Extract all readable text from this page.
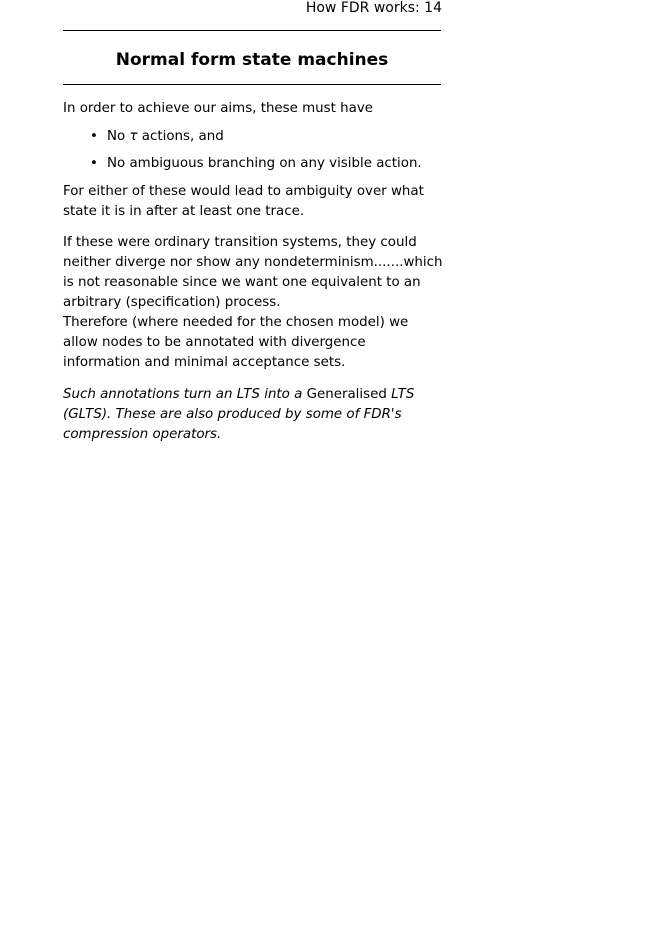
How FDR works: 14
Normal form state machines

In order to achieve our aims, these must have

• No τ actions, and
• No ambiguous branching on any visible action.

For either of these would lead to ambiguity over what state it is in after at least one trace.

If these were ordinary transition systems, they could neither diverge nor show any nondeterminism.......which is not reasonable since we want one equivalent to an arbitrary (specification) process.

Therefore (where needed for the chosen model) we allow nodes to be annotated with divergence information and minimal acceptance sets.

Such annotations turn an LTS into a Generalised LTS (GLTS). These are also produced by some of FDR's compression operators.
